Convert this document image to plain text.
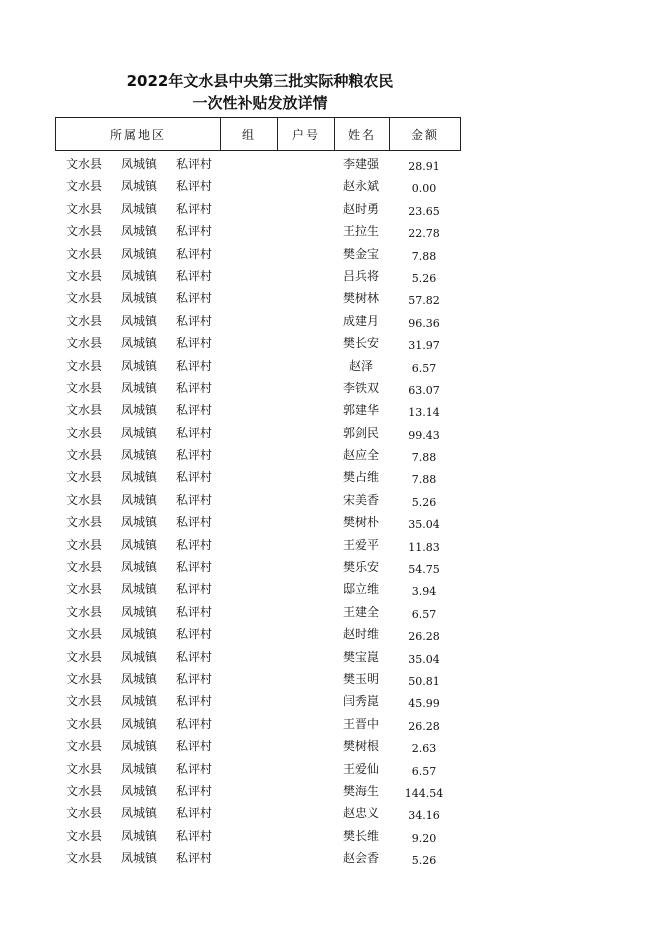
2022年文水县中央第三批实际种粮农民
一次性补贴发放详情
所属地区	组	户号	姓名	金额
文水县 凤城镇 私评村	李建强	28.91
文水县 凤城镇 私评村	赵永斌	0.00
文水县 凤城镇 私评村	赵时勇	23.65
文水县 凤城镇 私评村	王拉生	22.78
文水县 凤城镇 私评村	樊金宝	7.88
文水县 凤城镇 私评村	吕兵将	5.26
文水县 凤城镇 私评村	樊树林	57.82
文水县 凤城镇 私评村	成建月	96.36
文水县 凤城镇 私评村	樊长安	31.97
文水县 凤城镇 私评村	赵泽	6.57
文水县 凤城镇 私评村	李铁双	63.07
文水县 凤城镇 私评村	郭建华	13.14
文水县 凤城镇 私评村	郭剑民	99.43
文水县 凤城镇 私评村	赵应全	7.88
文水县 凤城镇 私评村	樊占维	7.88
文水县 凤城镇 私评村	宋美香	5.26
文水县 凤城镇 私评村	樊树朴	35.04
文水县 凤城镇 私评村	王爱平	11.83
文水县 凤城镇 私评村	樊乐安	54.75
文水县 凤城镇 私评村	邸立维	3.94
文水县 凤城镇 私评村	王建全	6.57
文水县 凤城镇 私评村	赵时维	26.28
文水县 凤城镇 私评村	樊宝崑	35.04
文水县 凤城镇 私评村	樊玉明	50.81
文水县 凤城镇 私评村	闫秀崑	45.99
文水县 凤城镇 私评村	王晋中	26.28
文水县 凤城镇 私评村	樊树根	2.63
文水县 凤城镇 私评村	王爱仙	6.57
文水县 凤城镇 私评村	樊海生	144.54
文水县 凤城镇 私评村	赵忠义	34.16
文水县 凤城镇 私评村	樊长维	9.20
文水县 凤城镇 私评村	赵会香	5.26
